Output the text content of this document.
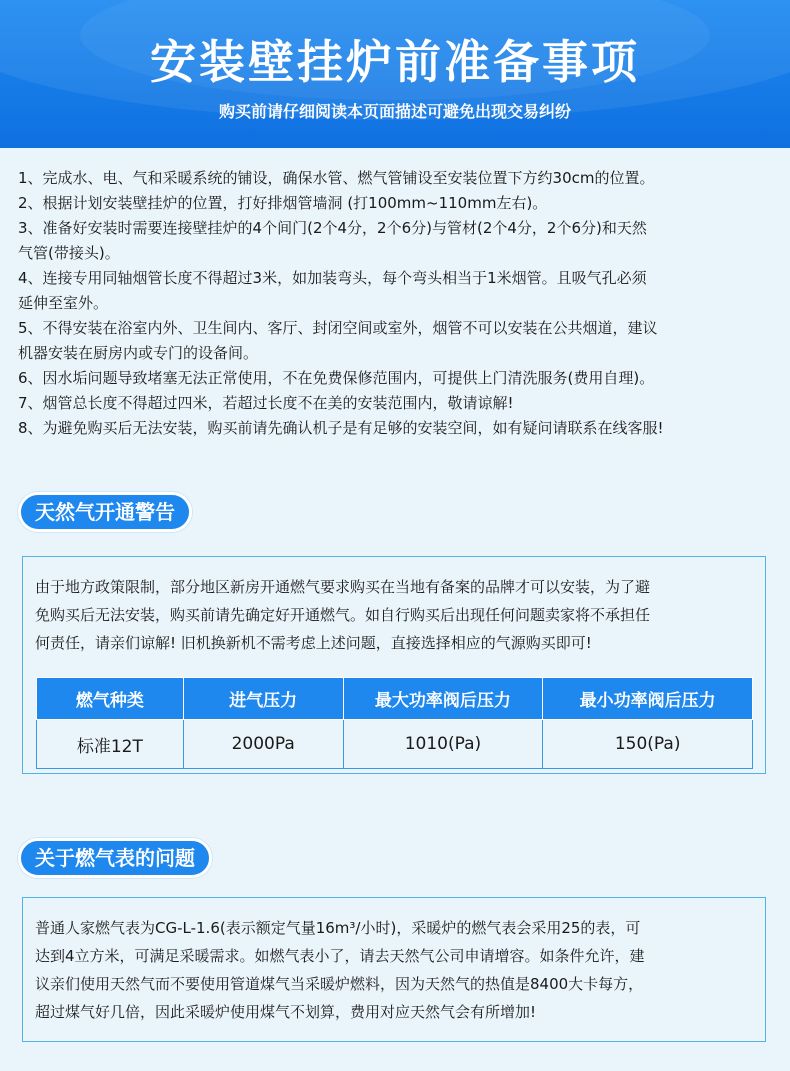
安装壁挂炉前准备事项
购买前请仔细阅读本页面描述可避免出现交易纠纷
1、完成水、电、气和采暖系统的铺设，确保水管、燃气管铺设至安装位置下方约30cm的位置。
2、根据计划安装壁挂炉的位置，打好排烟管墙洞 (打100mm~110mm左右)。
3、准备好安装时需要连接壁挂炉的4个间门(2个4分，2个6分)与管材(2个4分，2个6分)和天然
气管(带接头)。
4、连接专用同轴烟管长度不得超过3米，如加装弯头，每个弯头相当于1米烟管。且吸气孔必须
延伸至室外。
5、不得安装在浴室内外、卫生间内、客厅、封闭空间或室外，烟管不可以安装在公共烟道，建议
机器安装在厨房内或专门的设备间。
6、因水垢问题导致堵塞无法正常使用，不在免费保修范围内，可提供上门清洗服务(费用自理)。
7、烟管总长度不得超过四米，若超过长度不在美的安装范围内，敬请谅解!
8、为避免购买后无法安装，购买前请先确认机子是有足够的安装空间，如有疑问请联系在线客服!
天然气开通警告

由于地方政策限制，部分地区新房开通燃气要求购买在当地有备案的品牌才可以安装，为了避

免购买后无法安装，购买前请先确定好开通燃气。如自行购买后出现任何问题卖家将不承担任

何责任，请亲们谅解! 旧机换新机不需考虑上述问题，直接选择相应的气源购买即可!

燃气种类	进气压力	最大功率阀后压力	最小功率阀后压力
标准12T	2000Pa	1010(Pa)	150(Pa)
关于燃气表的问题

普通人家燃气表为CG-L-1.6(表示额定气量16m³/小时)，采暖炉的燃气表会采用25的表，可

达到4立方米，可满足采暖需求。如燃气表小了，请去天然气公司申请增容。如条件允许，建

议亲们使用天然气而不要使用管道煤气当采暖炉燃料，因为天然气的热值是8400大卡每方，

超过煤气好几倍，因此采暖炉使用煤气不划算，费用对应天然气会有所增加!
